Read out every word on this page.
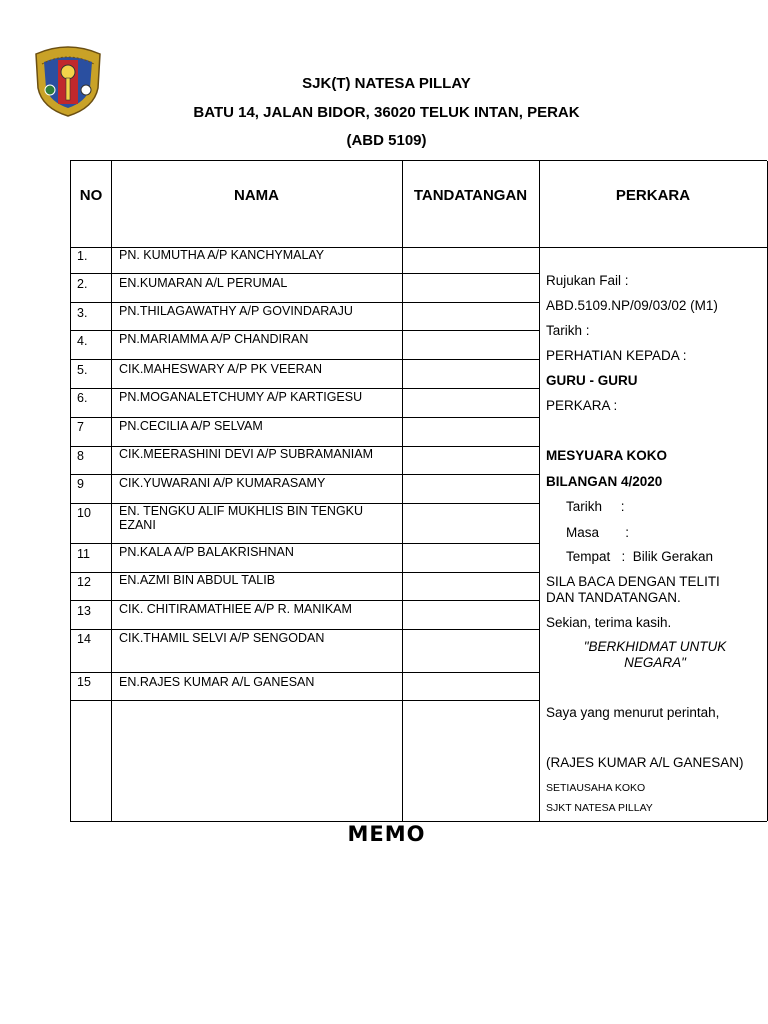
SJK(T) NATESA PILLAY
BATU 14, JALAN BIDOR, 36020 TELUK INTAN, PERAK
(ABD 5109)
NO	NAMA	TANDATANGAN	PERKARA
1.	PN. KUMUTHA A/P KANCHYMALAY
2.	EN.KUMARAN A/L PERUMAL
3.	PN.THILAGAWATHY A/P GOVINDARAJU
4.	PN.MARIAMMA A/P CHANDIRAN
5.	CIK.MAHESWARY A/P PK VEERAN
6.	PN.MOGANALETCHUMY A/P KARTIGESU
7	PN.CECILIA A/P SELVAM
8	CIK.MEERASHINI DEVI A/P SUBRAMANIAM
9	CIK.YUWARANI A/P KUMARASAMY
10	EN. TENGKU ALIF MUKHLIS BIN TENGKU EZANI
11	PN.KALA A/P BALAKRISHNAN
12	EN.AZMI BIN ABDUL TALIB
13	CIK. CHITIRAMATHIEE A/P R. MANIKAM
14	CIK.THAMIL SELVI A/P SENGODAN
15	EN.RAJES KUMAR A/L GANESAN
Rujukan Fail :
ABD.5109.NP/09/03/02 (M1)
Tarikh :
PERHATIAN KEPADA :
GURU - GURU
PERKARA :
MESYUARA KOKO
BILANGAN 4/2020
Tarikh     :
Masa       :
Tempat   :  Bilik Gerakan
SILA BACA DENGAN TELITI DAN TANDATANGAN.
Sekian, terima kasih.
"BERKHIDMAT UNTUK NEGARA"
Saya yang menurut perintah,
(RAJES KUMAR A/L GANESAN)
SETIAUSAHA KOKO
SJKT NATESA PILLAY
MEMO
